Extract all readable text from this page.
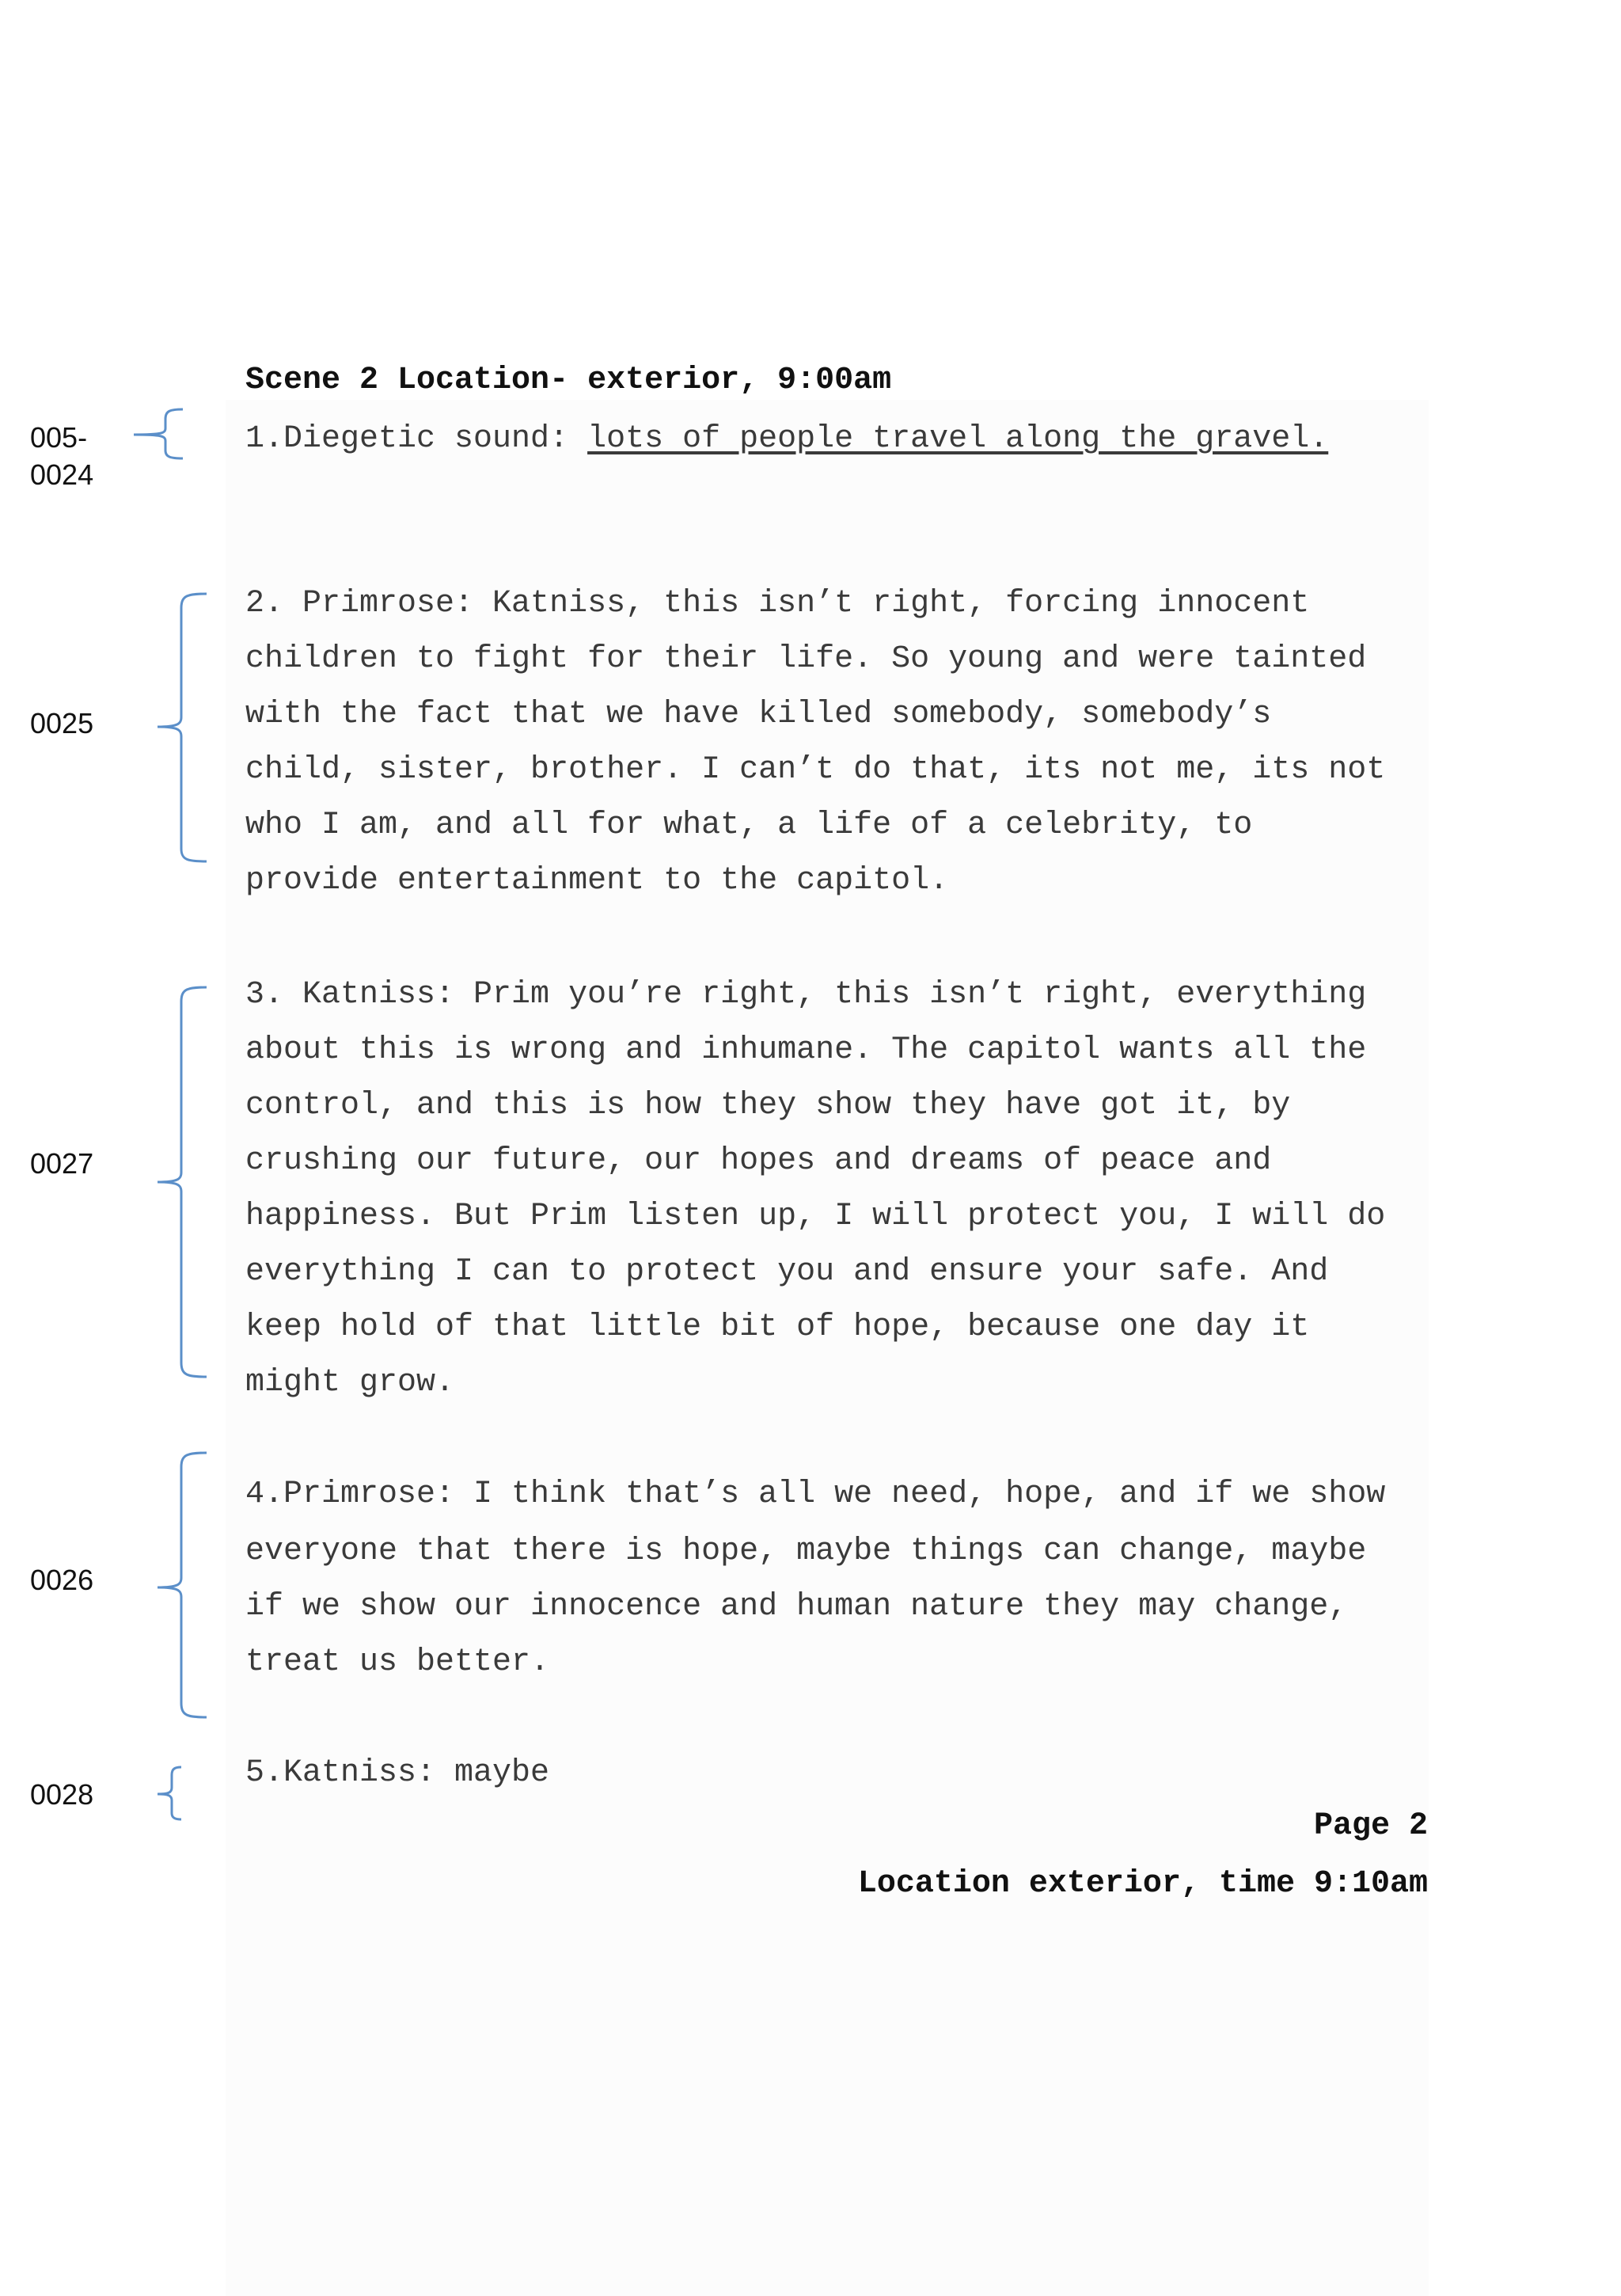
Scene 2 Location- exterior, 9:00am
005-
0024
1.Diegetic sound: lots of people travel along the gravel.
0025
2. Primrose: Katniss, this isn’t right, forcing innocent
children to fight for their life. So young and were tainted
with the fact that we have killed somebody, somebody’s
child, sister, brother. I can’t do that, its not me, its not
who I am, and all for what, a life of a celebrity, to
provide entertainment to the capitol.
0027
3. Katniss: Prim you’re right, this isn’t right, everything
about this is wrong and inhumane. The capitol wants all the
control, and this is how they show they have got it, by
crushing our future, our hopes and dreams of peace and
happiness. But Prim listen up, I will protect you, I will do
everything I can to protect you and ensure your safe. And
keep hold of that little bit of hope, because one day it
might grow.
0026
4.Primrose: I think that’s all we need, hope, and if we show
everyone that there is hope, maybe things can change, maybe
if we show our innocence and human nature they may change,
treat us better.
0028
5.Katniss: maybe
Page 2
Location exterior, time 9:10am
